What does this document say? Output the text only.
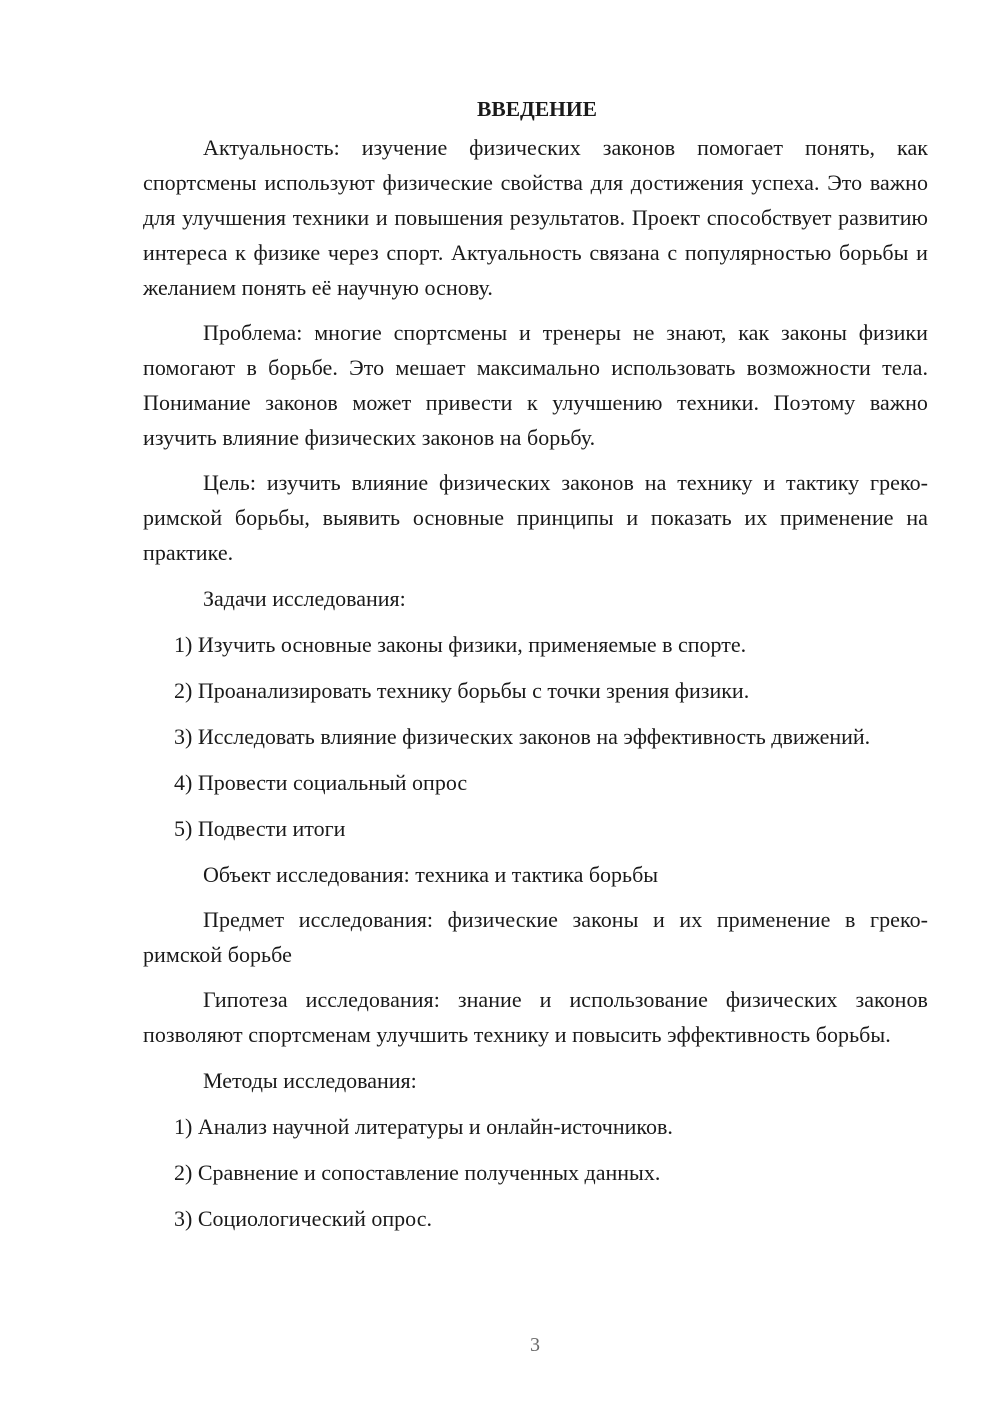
ВВЕДЕНИЕ

Актуальность: изучение физических законов помогает понять, как спортсмены используют физические свойства для достижения успеха. Это важно для улучшения техники и повышения результатов. Проект способствует развитию интереса к физике через спорт. Актуальность связана с популярностью борьбы и желанием понять её научную основу.

Проблема: многие спортсмены и тренеры не знают, как законы физики помогают в борьбе. Это мешает максимально использовать возможности тела. Понимание законов может привести к улучшению техники. Поэтому важно изучить влияние физических законов на борьбу.

Цель: изучить влияние физических законов на технику и тактику греко-римской борьбы, выявить основные принципы и показать их применение на практике.

Задачи исследования:

1) Изучить основные законы физики, применяемые в спорте.

2) Проанализировать технику борьбы с точки зрения физики.

3) Исследовать влияние физических законов на эффективность движений.

4) Провести социальный опрос

5) Подвести итоги

Объект исследования: техника и тактика борьбы

Предмет исследования: физические законы и их применение в греко-римской борьбе

Гипотеза исследования: знание и использование физических законов позволяют спортсменам улучшить технику и повысить эффективность борьбы.

Методы исследования:

1) Анализ научной литературы и онлайн-источников.

2) Сравнение и сопоставление полученных данных.

3) Социологический опрос.

3
